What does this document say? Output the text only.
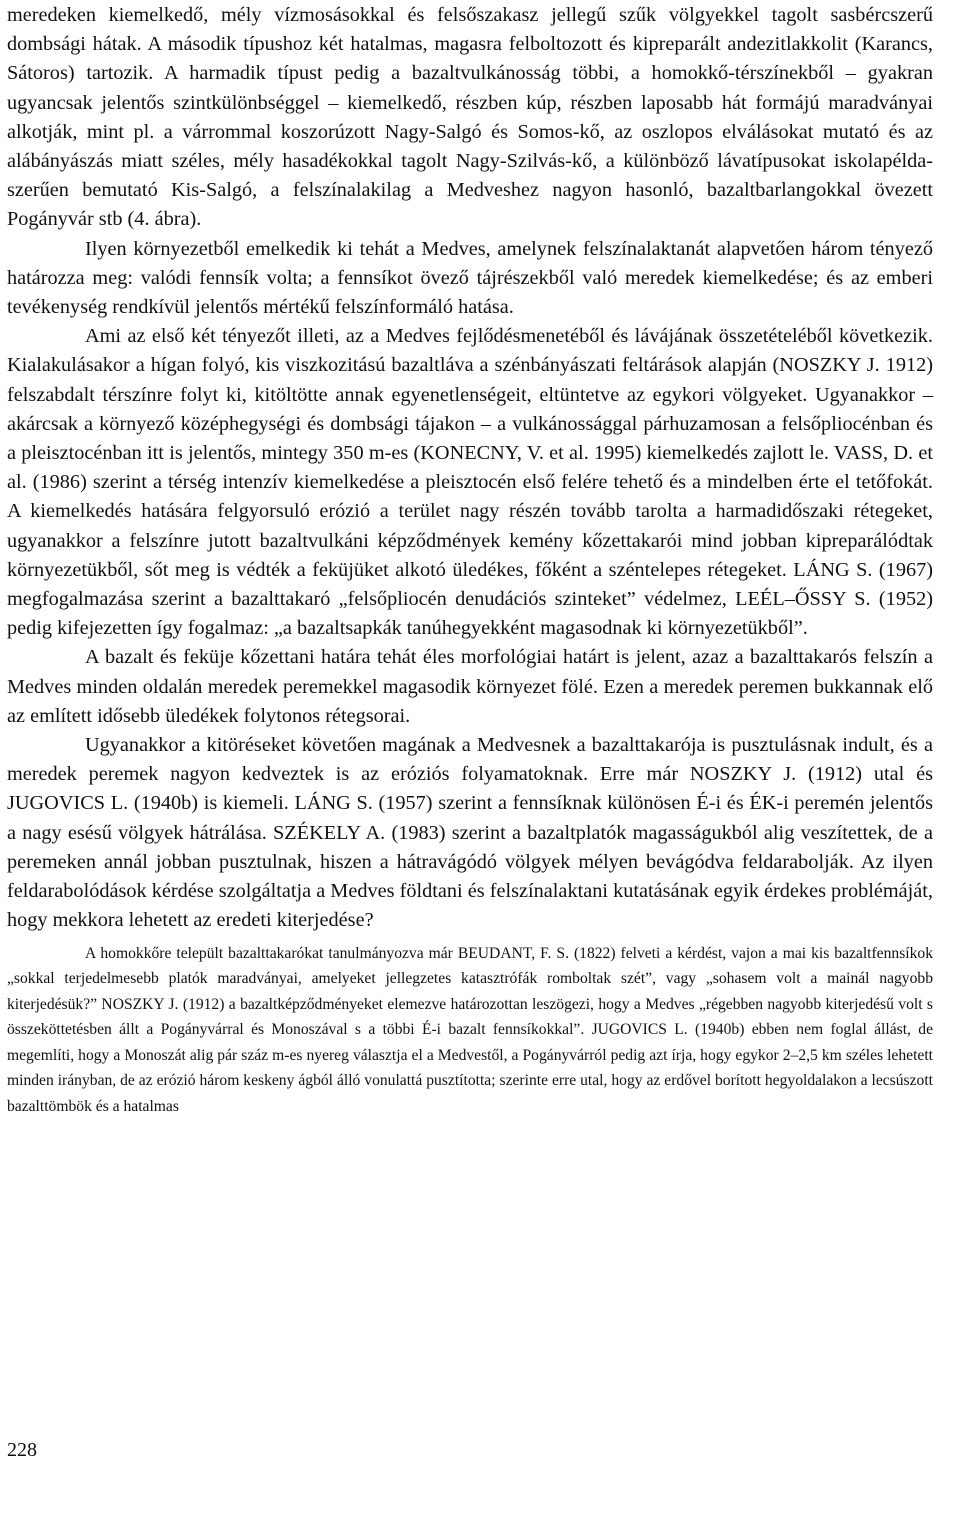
meredeken kiemelkedő, mély vízmosásokkal és felsőszakasz jellegű szűk völgyekkel tagolt sasbércszerű dombsági hátak. A második típushoz két hatalmas, magasra felboltozott és kipreparált andezitlakkolit (Karancs, Sátoros) tartozik. A harmadik típust pedig a bazaltvulkánosság többi, a homokkő-térszínekből – gyakran ugyancsak jelentős szintkülönbséggel – kiemelkedő, részben kúp, részben laposabb hát formájú maradványai alkotják, mint pl. a várrommal koszorúzott Nagy-Salgó és Somos-kő, az oszlopos elválásokat mutató és az alábányászás miatt széles, mély hasadékokkal tagolt Nagy-Szilvás-kő, a különböző lávatípusokat iskolapélda-szerűen bemutató Kis-Salgó, a felszínalakilag a Medveshez nagyon hasonló, bazaltbarlangokkal övezett Pogányvár stb (4. ábra).

Ilyen környezetből emelkedik ki tehát a Medves, amelynek felszínalaktanát alapvetően három tényező határozza meg: valódi fennsík volta; a fennsíkot övező tájrészekből való meredek kiemelkedése; és az emberi tevékenység rendkívül jelentős mértékű felszínformáló hatása.

Ami az első két tényezőt illeti, az a Medves fejlődésmenetéből és lávájának összetételéből következik. Kialakulásakor a hígan folyó, kis viszkozitású bazaltláva a szénbányászati feltárások alapján (NOSZKY J. 1912) felszabdalt térszínre folyt ki, kitöltötte annak egyenetlenségeit, eltüntetve az egykori völgyeket. Ugyanakkor – akárcsak a környező középhegységi és dombsági tájakon – a vulkánossággal párhuzamosan a felsőpliocénban és a pleisztocénban itt is jelentős, mintegy 350 m-es (KONECNY, V. et al. 1995) kiemelkedés zajlott le. VASS, D. et al. (1986) szerint a térség intenzív kiemelkedése a pleisztocén első felére tehető és a mindelben érte el tetőfokát. A kiemelkedés hatására felgyorsuló erózió a terület nagy részén tovább tarolta a harmadidőszaki rétegeket, ugyanakkor a felszínre jutott bazaltvulkáni képződmények kemény kőzettakarói mind jobban kipreparálódtak környezetükből, sőt meg is védték a feküjüket alkotó üledékes, főként a széntelepes rétegeket. LÁNG S. (1967) megfogalmazása szerint a bazalttakaró „felsőpliocén denudációs szinteket” védelmez, LEÉL–ŐSSY S. (1952) pedig kifejezetten így fogalmaz: „a bazaltsapkák tanúhegyekként magasodnak ki környezetükből”.

A bazalt és feküje kőzettani határa tehát éles morfológiai határt is jelent, azaz a bazalttakarós felszín a Medves minden oldalán meredek peremekkel magasodik környezet fölé. Ezen a meredek peremen bukkannak elő az említett idősebb üledékek folytonos rétegsorai.

Ugyanakkor a kitöréseket követően magának a Medvesnek a bazalttakarója is pusztulásnak indult, és a meredek peremek nagyon kedveztek is az eróziós folyamatoknak. Erre már NOSZKY J. (1912) utal és JUGOVICS L. (1940b) is kiemeli. LÁNG S. (1957) szerint a fennsíknak különösen É-i és ÉK-i peremén jelentős a nagy esésű völgyek hátrálása. SZÉKELY A. (1983) szerint a bazaltplatók magasságukból alig veszítettek, de a peremeken annál jobban pusztulnak, hiszen a hátravágódó völgyek mélyen bevágódva feldarabolják. Az ilyen feldarabolódások kérdése szolgáltatja a Medves földtani és felszínalaktani kutatásának egyik érdekes problémáját, hogy mekkora lehetett az eredeti kiterjedése?

A homokkőre települt bazalttakarókat tanulmányozva már BEUDANT, F. S. (1822) felveti a kérdést, vajon a mai kis bazaltfennsíkok „sokkal terjedelmesebb platók maradványai, amelyeket jellegzetes katasztrófák romboltak szét”, vagy „sohasem volt a mainál nagyobb kiterjedésük?” NOSZKY J. (1912) a bazaltképződményeket elemezve határozottan leszögezi, hogy a Medves „régebben nagyobb kiterjedésű volt s összeköttetésben állt a Pogányvárral és Monoszával s a többi É-i bazalt fennsíkokkal”. JUGOVICS L. (1940b) ebben nem foglal állást, de megemlíti, hogy a Monoszát alig pár száz m-es nyereg választja el a Medvestől, a Pogányvárról pedig azt írja, hogy egykor 2–2,5 km széles lehetett minden irányban, de az erózió három keskeny ágból álló vonulattá pusztította; szerinte erre utal, hogy az erdővel borított hegyoldalakon a lecsúszott bazalttömbök és a hatalmas

228
